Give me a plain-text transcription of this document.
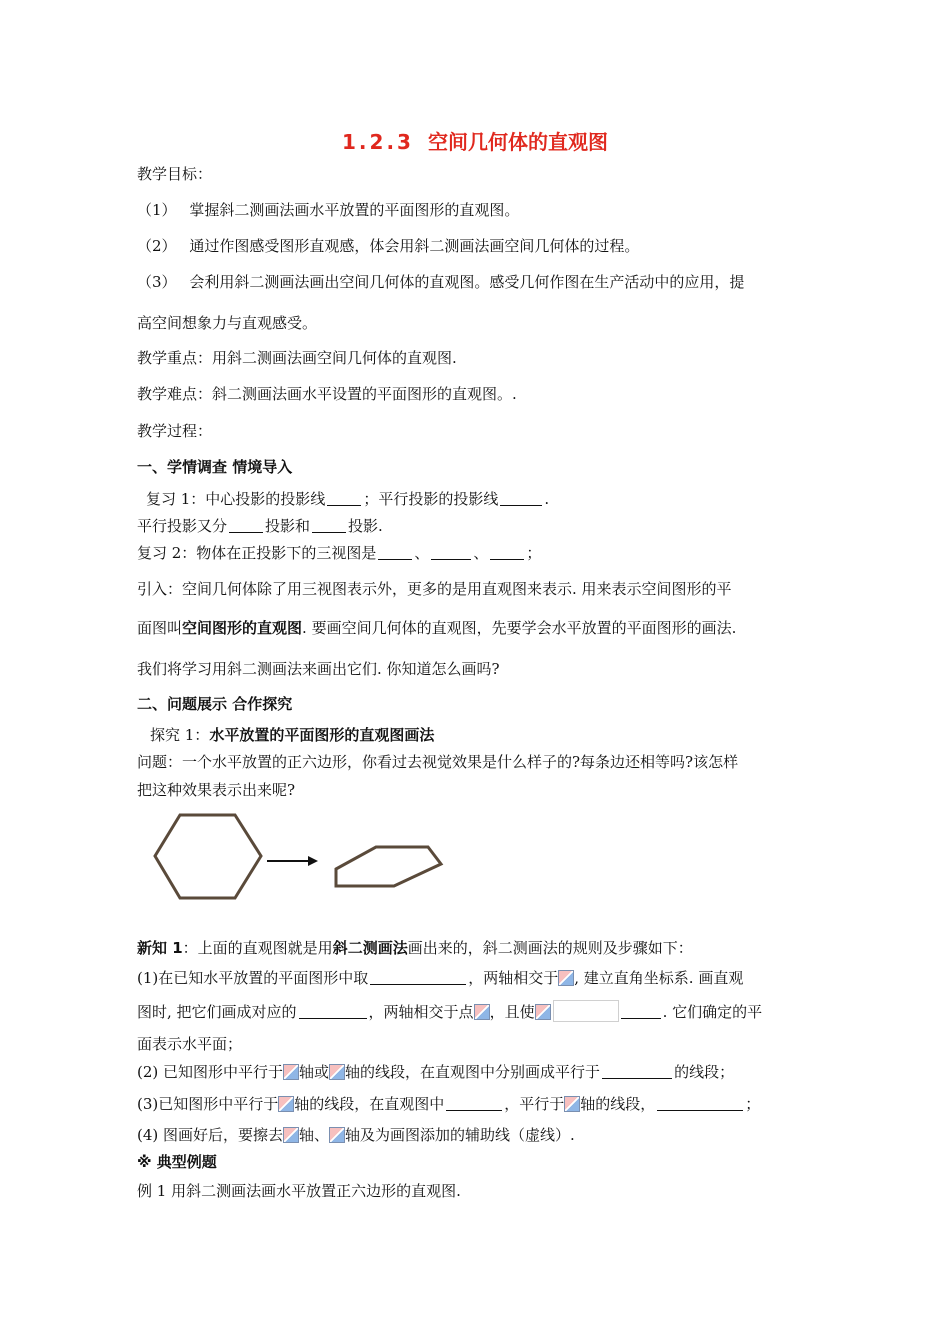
1.2.3 空间几何体的直观图
教学目标：
（1） 掌握斜二测画法画水平放置的平面图形的直观图。
（2） 通过作图感受图形直观感，体会用斜二测画法画空间几何体的过程。
（3） 会利用斜二测画法画出空间几何体的直观图。感受几何作图在生产活动中的应用，提
高空间想象力与直观感受。
教学重点：用斜二测画法画空间几何体的直观图.
教学难点：斜二测画法画水平设置的平面图形的直观图。.
教学过程：
一、学情调查 情境导入
复习 1：中心投影的投影线	；平行投影的投影线	.
平行投影又分	投影和	投影.
复习 2：物体在正投影下的三视图是	、	、	；
引入：空间几何体除了用三视图表示外，更多的是用直观图来表示. 用来表示空间图形的平
面图叫空间图形的直观图. 要画空间几何体的直观图，先要学会水平放置的平面图形的画法.
我们将学习用斜二测画法来画出它们. 你知道怎么画吗?
二、问题展示 合作探究
探究 1：水平放置的平面图形的直观图画法
问题：一个水平放置的正六边形，你看过去视觉效果是什么样子的?每条边还相等吗?该怎样
把这种效果表示出来呢?
新知 1：上面的直观图就是用斜二测画法画出来的，斜二测画法的规则及步骤如下：
(1)在已知水平放置的平面图形中取	，两轴相交于 , 建立直角坐标系. 画直观
图时, 把它们画成对应的	，两轴相交于点 ，且使	. 它们确定的平
面表示水平面；
(2) 已知图形中平行于 轴或 轴的线段，在直观图中分别画成平行于	的线段；
(3)已知图形中平行于 轴的线段，在直观图中	，平行于 轴的线段，	；
(4) 图画好后，要擦去 轴、 轴及为画图添加的辅助线（虚线）.
※ 典型例题
例 1 用斜二测画法画水平放置正六边形的直观图.
